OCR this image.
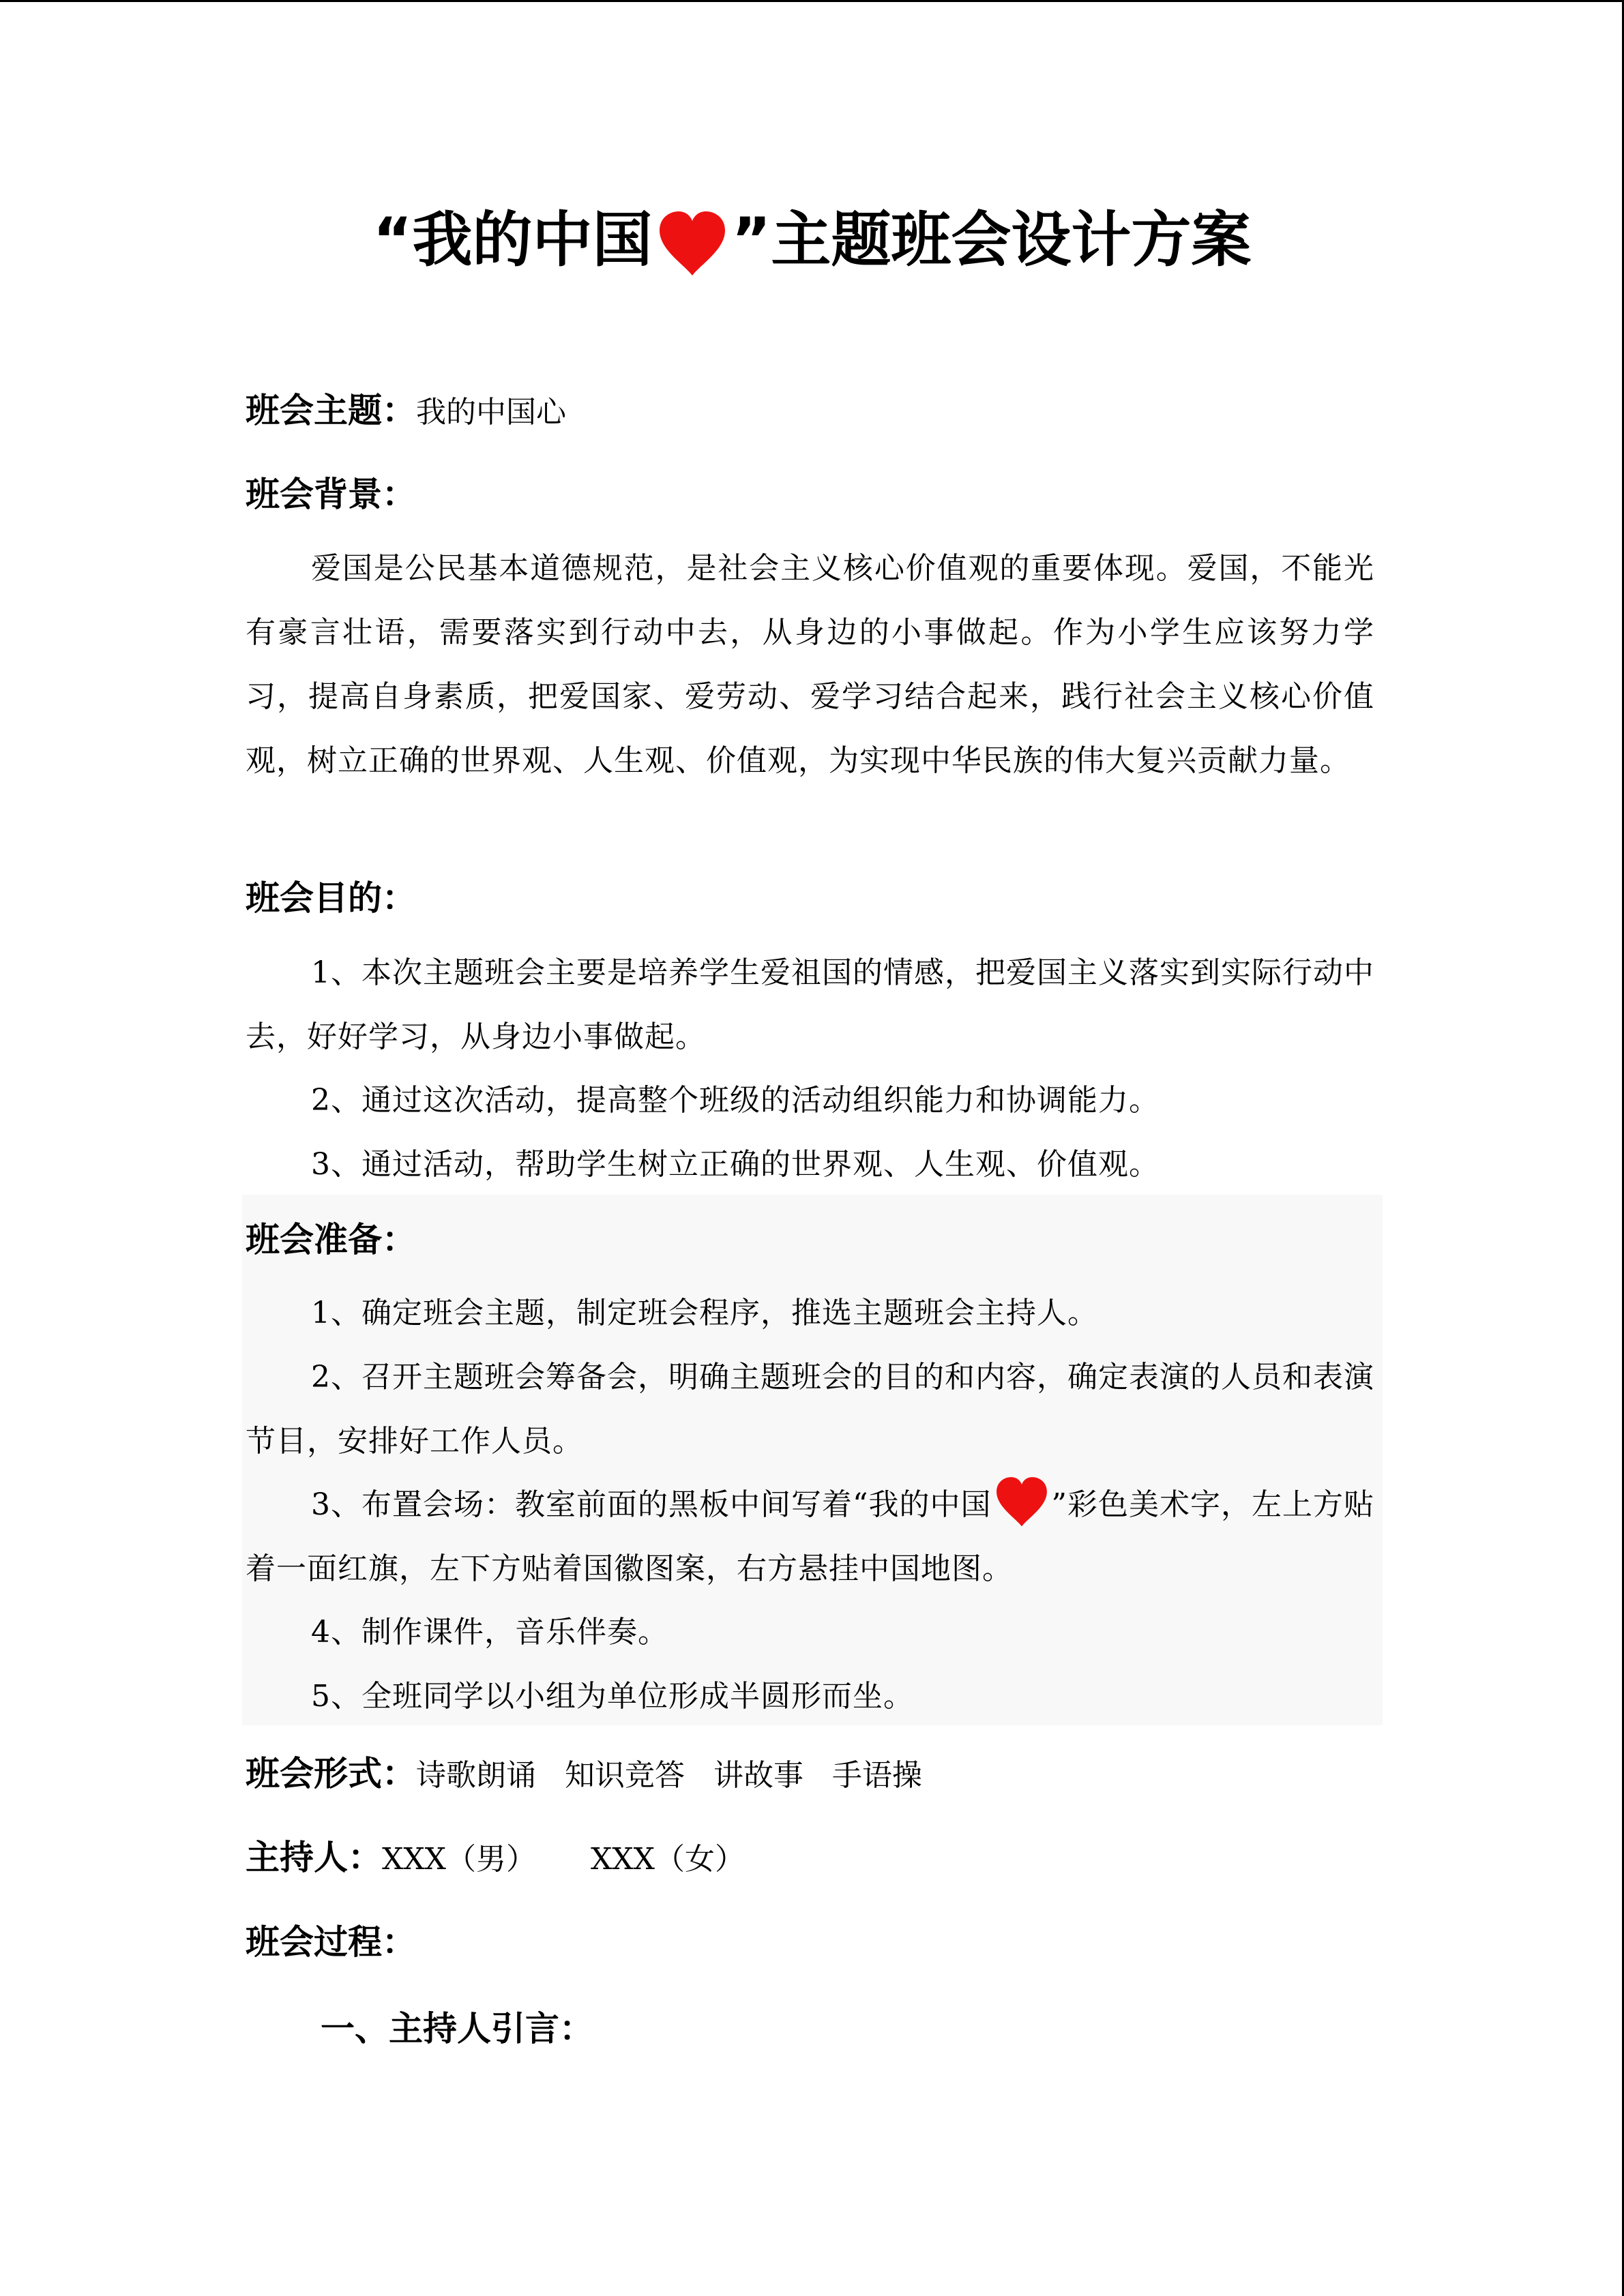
“我的中国 ”主题班会设计方案
班会主题：我的中国心
班会背景：
爱国是公民基本道德规范，是社会主义核心价值观的重要体现。爱国，不能光有豪言壮语，需要落实到行动中去，从身边的小事做起。作为小学生应该努力学习，提高自身素质，把爱国家、爱劳动、爱学习结合起来，践行社会主义核心价值观，树立正确的世界观、人生观、价值观，为实现中华民族的伟大复兴贡献力量。
班会目的：
1、本次主题班会主要是培养学生爱祖国的情感，把爱国主义落实到实际行动中去，好好学习，从身边小事做起。
2、通过这次活动，提高整个班级的活动组织能力和协调能力。
3、通过活动，帮助学生树立正确的世界观、人生观、价值观。
班会准备：
1、确定班会主题，制定班会程序，推选主题班会主持人。
2、召开主题班会筹备会，明确主题班会的目的和内容，确定表演的人员和表演节目，安排好工作人员。
3、布置会场：教室前面的黑板中间写着“我的中国 ”彩色美术字，左上方贴着一面红旗，左下方贴着国徽图案，右方悬挂中国地图。
4、制作课件，音乐伴奏。
5、全班同学以小组为单位形成半圆形而坐。
班会形式：诗歌朗诵 知识竞答 讲故事 手语操
主持人：XXX（男） XXX（女）
班会过程：
一、主持人引言：
